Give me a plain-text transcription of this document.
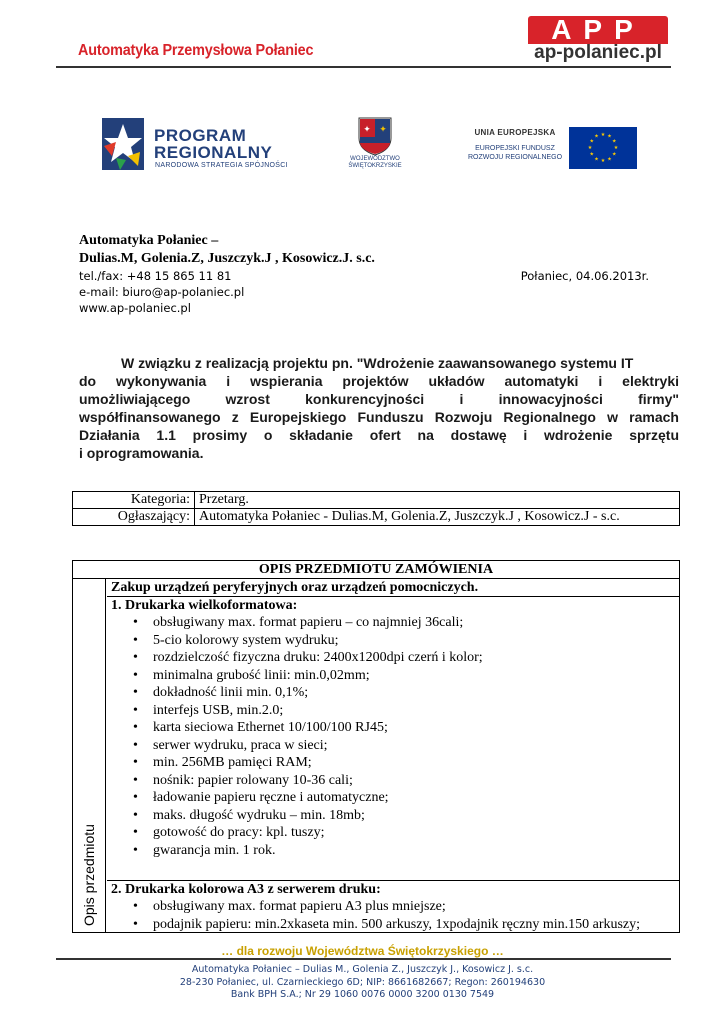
Automatyka Przemysłowa Połaniec
APP
ap-polaniec.pl
PROGRAM
REGIONALNY
NARODOWA STRATEGIA SPÓJNOŚCI
✦ ✦
WOJEWÓDZTWO
ŚWIĘTOKRZYSKIE
UNIA EUROPEJSKA
EUROPEJSKI FUNDUSZ
ROZWOJU REGIONALNEGO
★ ★
★
★
★
★
★
★
★
★
★
★
Automatyka Połaniec –
Dulias.M, Golenia.Z, Juszczyk.J , Kosowicz.J. s.c.
tel./fax: +48 15 865 11 81	Połaniec, 04.06.2013r.
e-mail: biuro@ap-polaniec.pl
www.ap-polaniec.pl

W związku z realizacją projektu pn. "Wdrożenie zaawansowanego systemu IT

do wykonywania i wspierania projektów układów automatyki i elektryki

umożliwiającego wzrost konkurencyjności i innowacyjności firmy"

współfinansowanego z Europejskiego Funduszu Rozwoju Regionalnego w ramach

Działania 1.1 prosimy o składanie ofert na dostawę i wdrożenie sprzętu

i oprogramowania.

Kategoria:	Przetarg.
Ogłaszający:	Automatyka Połaniec - Dulias.M, Golenia.Z, Juszczyk.J , Kosowicz.J - s.c.
OPIS PRZEDMIOTU ZAMÓWIENIA
Opis przedmiotu
Zakup urządzeń peryferyjnych oraz urządzeń pomocniczych.
1. Drukarka wielkoformatowa:
• obsługiwany max. format papieru – co najmniej 36cali;
• 5-cio kolorowy system wydruku;
• rozdzielczość fizyczna druku: 2400x1200dpi czerń i kolor;
• minimalna grubość linii: min.0,02mm;
• dokładność linii min. 0,1%;
• interfejs USB, min.2.0;
• karta sieciowa Ethernet 10/100/100 RJ45;
• serwer wydruku, praca w sieci;
• min. 256MB pamięci RAM;
• nośnik: papier rolowany 10-36 cali;
• ładowanie papieru ręczne i automatyczne;
• maks. długość wydruku – min. 18mb;
• gotowość do pracy: kpl. tuszy;
• gwarancja min. 1 rok.
2. Drukarka kolorowa A3 z serwerem druku:
• obsługiwany max. format papieru A3 plus mniejsze;
• podajnik papieru: min.2xkaseta min. 500 arkuszy, 1xpodajnik ręczny min.150 arkuszy;
… dla rozwoju Województwa Świętokrzyskiego …
Automatyka Połaniec – Dulias M., Golenia Z., Juszczyk J., Kosowicz J. s.c.
28-230 Połaniec, ul. Czarnieckiego 6D; NIP: 8661682667; Regon: 260194630
Bank BPH S.A.; Nr 29 1060 0076 0000 3200 0130 7549
